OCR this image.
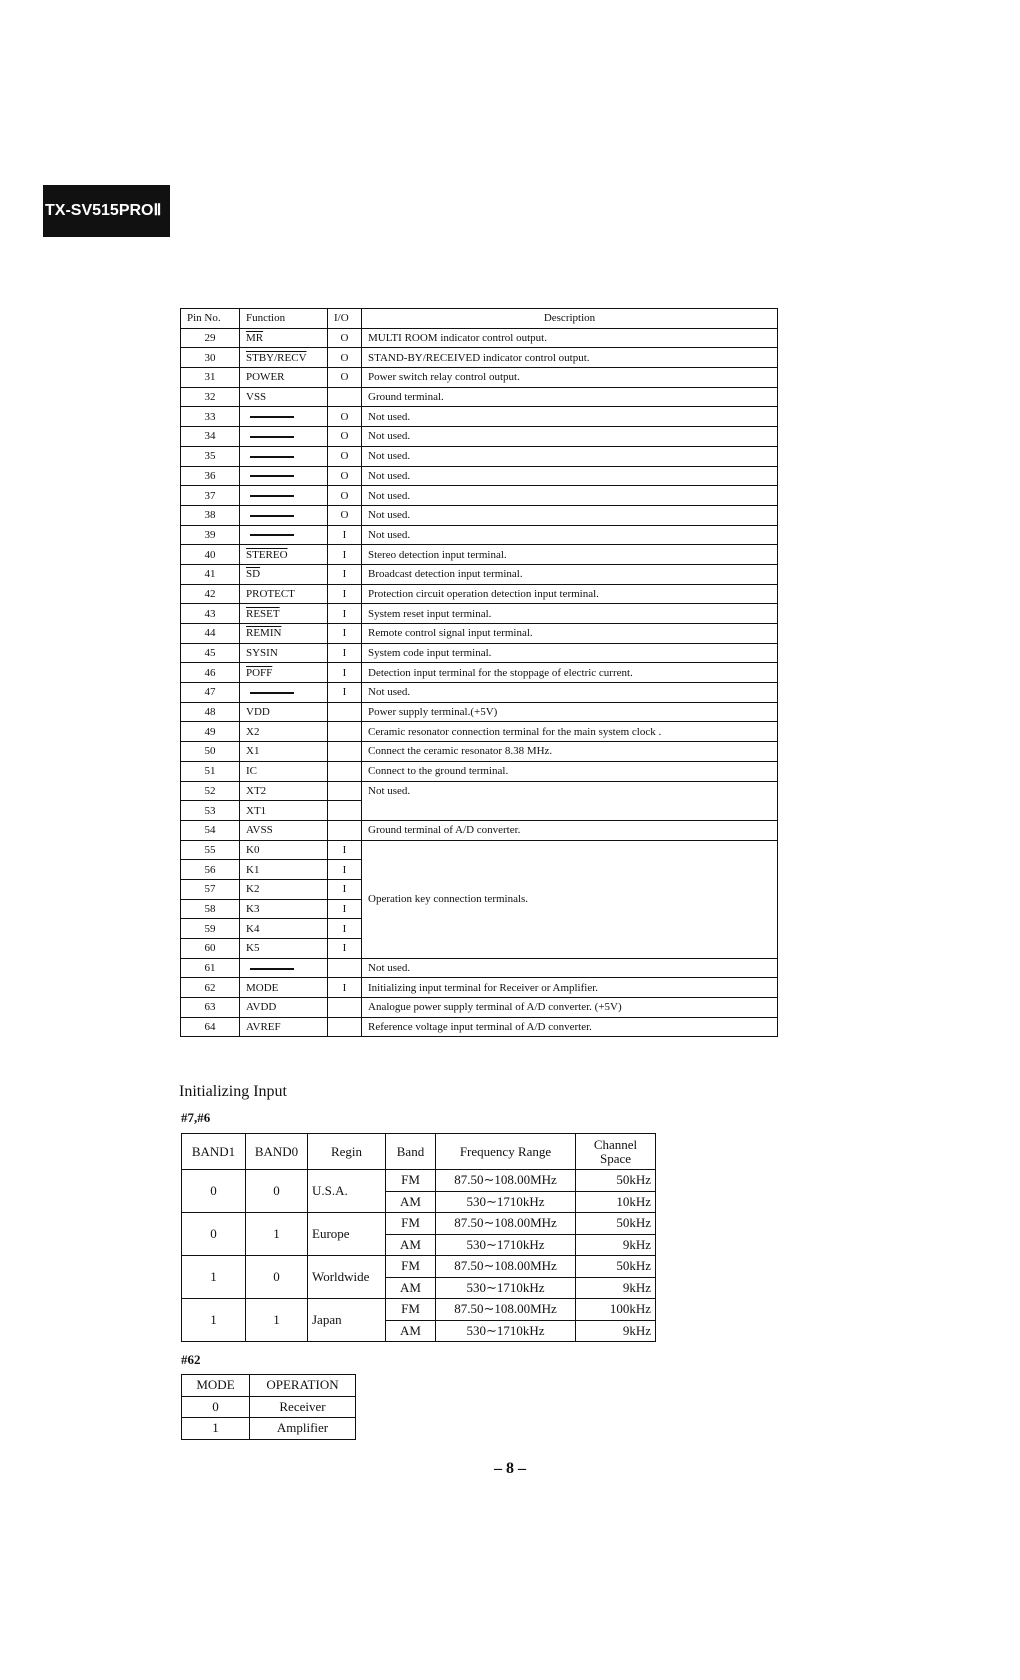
TX-SV515PROⅡ
Pin No.	Function	I/O	Description
29	$\overline{MR}$	O	MULTI ROOM indicator control output.
30	STBY/RECV	O	STAND-BY/RECEIVED indicator control output.
31	POWER	O	Power switch relay control output.
32	VSS		Ground terminal.
33		O	Not used.
34		O	Not used.
35		O	Not used.
36		O	Not used.
37		O	Not used.
38		O	Not used.
39		I	Not used.
40	STEREO	I	Stereo detection input terminal.
41	$\overline{SD}$	I	Broadcast detection input terminal.
42	PROTECT	I	Protection circuit operation detection input terminal.
43	RESET	I	System reset input terminal.
44	REMIN	I	Remote control signal input terminal.
45	SYSIN	I	System code input terminal.
46	POFF	I	Detection input terminal for the stoppage of electric current.
47		I	Not used.
48	VDD		Power supply terminal.(+5V)
49	X2		Ceramic resonator connection terminal for the main system clock .
50	X1		Connect the ceramic resonator 8.38 MHz.
51	IC		Connect to the ground terminal.
52	XT2		Not used.
53	XT1		
54	AVSS		Ground terminal of A/D converter.
55	K0	I	Operation key connection terminals.
56	K1	I	
57	K2	I	
58	K3	I	
59	K4	I	
60	K5	I	
61			Not used.
62	MODE	I	Initializing input terminal for Receiver or Amplifier.
63	AVDD		Analogue power supply terminal of A/D converter. (+5V)
64	AVREF		Reference voltage input terminal of A/D converter.
Initializing Input
#7,#6
BAND1	BAND0	Regin	Band	Frequency Range	Channel Space
0	0	U.S.A.	FM	87.50∼108.00MHz	50kHz
			AM	530∼1710kHz	10kHz
0	1	Europe	FM	87.50∼108.00MHz	50kHz
			AM	530∼1710kHz	9kHz
1	0	Worldwide	FM	87.50∼108.00MHz	50kHz
			AM	530∼1710kHz	9kHz
1	1	Japan	FM	87.50∼108.00MHz	100kHz
			AM	530∼1710kHz	9kHz
#62
MODE	OPERATION
0	Receiver
1	Amplifier
– 8 –
